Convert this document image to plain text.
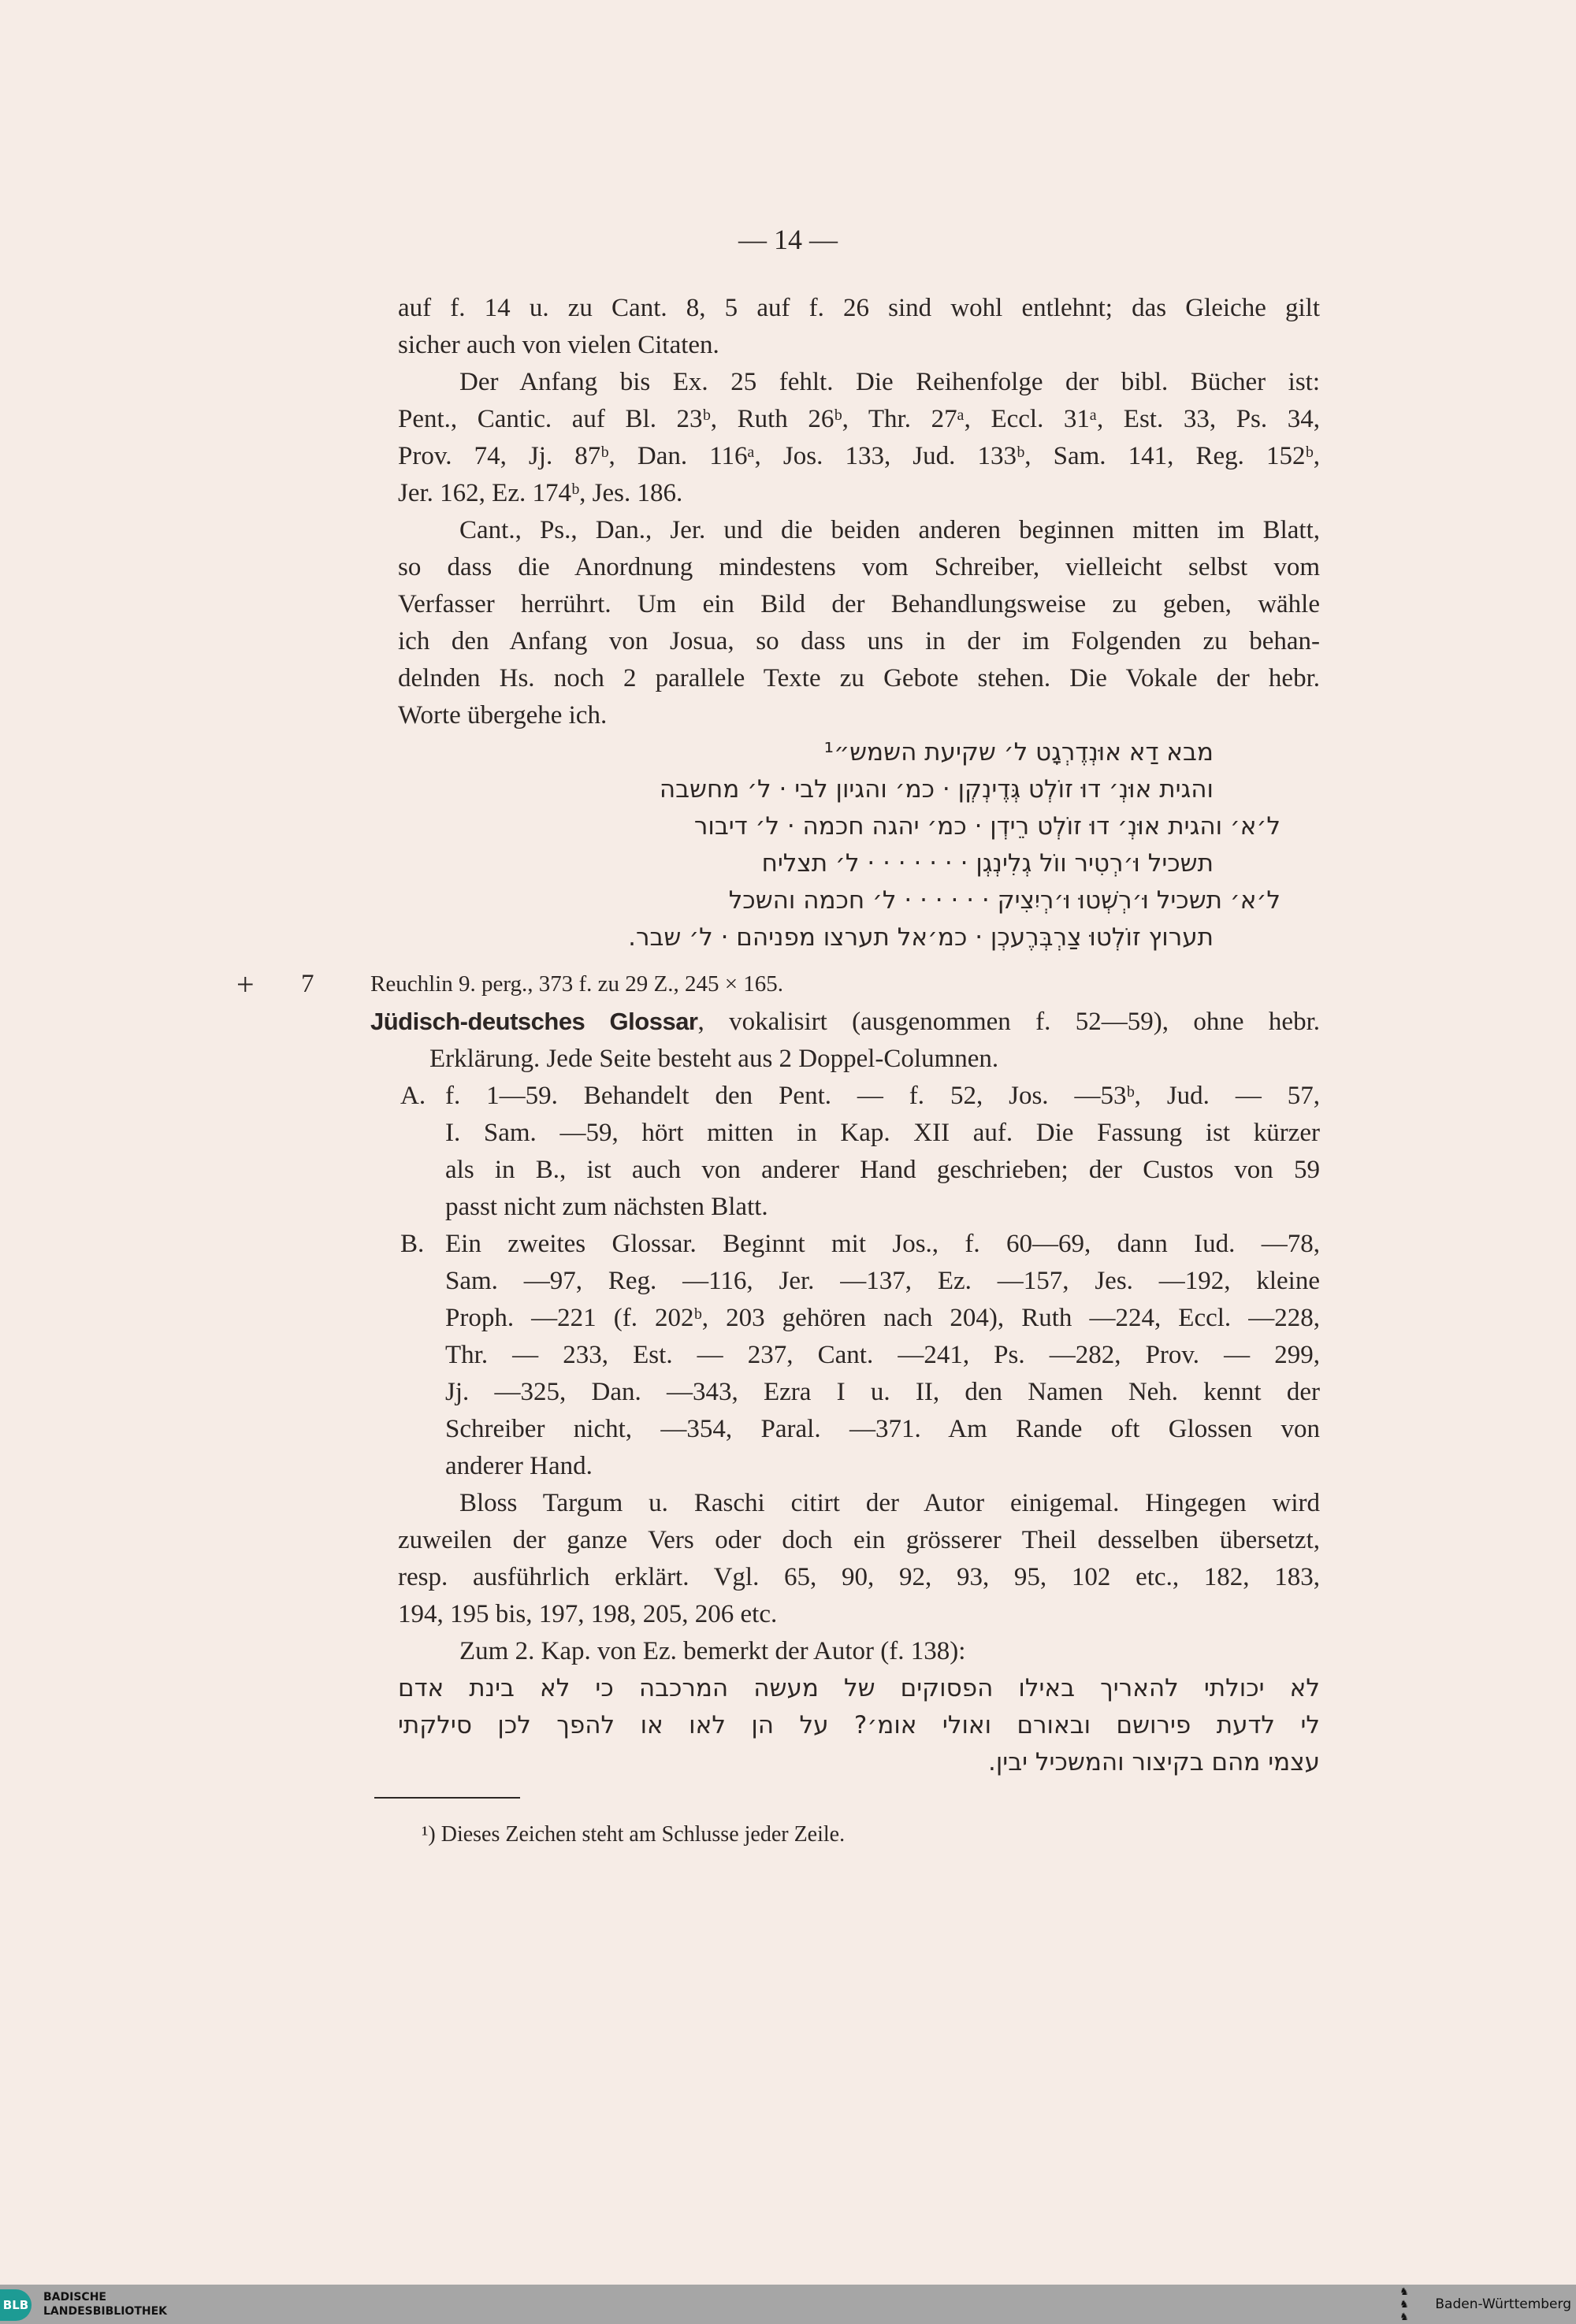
— 14 —
auf f. 14 u. zu Cant. 8, 5 auf f. 26 sind wohl entlehnt; das Gleiche gilt
sicher auch von vielen Citaten.
Der Anfang bis Ex. 25 fehlt. Die Reihenfolge der bibl. Bücher ist:
Pent., Cantic. auf Bl. 23ᵇ, Ruth 26ᵇ, Thr. 27ᵃ, Eccl. 31ᵃ, Est. 33, Ps. 34,
Prov. 74, Jj. 87ᵇ, Dan. 116ᵃ, Jos. 133, Jud. 133ᵇ, Sam. 141, Reg. 152ᵇ,
Jer. 162, Ez. 174ᵇ, Jes. 186.
Cant., Ps., Dan., Jer. und die beiden anderen beginnen mitten im Blatt,
so dass die Anordnung mindestens vom Schreiber, vielleicht selbst vom
Verfasser herrührt. Um ein Bild der Behandlungsweise zu geben, wähle
ich den Anfang von Josua, so dass uns in der im Folgenden zu behan-
delnden Hs. noch 2 parallele Texte zu Gebote stehen. Die Vokale der hebr.
Worte übergehe ich.
מבא דַא אוּנְדֶרְגָט ל׳ שקיעת השמש״¹
והגית אוּנְ׳ דוּ זוֹלְט גְּדֶינְקְן · כמ׳ והגיון לבי · ל׳ מחשבה
ל׳א׳ והגית אוּנְ׳ דוּ זוֹלְט רֵידְן · כמ׳ יהגה חכמה · ל׳ דיבור
תשכיל וּ׳רְטִיר ווֹל גְלִינְגְן · · · · · · · ל׳ תצליח
ל׳א׳ תשכיל וּ׳רְשְׁטוּ וּ׳רְיִצִיק · · · · · · ל׳ חכמה והשכל
תערוץ זוֹלְטוּ צַרְבְּרֶעכְן · כמ׳אל תערצו מפניהם · ל׳ שבר.
+ 7 Reuchlin 9. perg., 373 f. zu 29 Z., 245 × 165.
Jüdisch-deutsches Glossar, vokalisirt (ausgenommen f. 52—59), ohne hebr.
Erklärung. Jede Seite besteht aus 2 Doppel-Columnen.
A. f. 1—59. Behandelt den Pent. — f. 52, Jos. —53ᵇ, Jud. — 57,
I. Sam. —59, hört mitten in Kap. XII auf. Die Fassung ist kürzer
als in B., ist auch von anderer Hand geschrieben; der Custos von 59
passt nicht zum nächsten Blatt.
B. Ein zweites Glossar. Beginnt mit Jos., f. 60—69, dann Iud. —78,
Sam. —97, Reg. —116, Jer. —137, Ez. —157, Jes. —192, kleine
Proph. —221 (f. 202ᵇ, 203 gehören nach 204), Ruth —224, Eccl. —228,
Thr. — 233, Est. — 237, Cant. —241, Ps. —282, Prov. — 299,
Jj. —325, Dan. —343, Ezra I u. II, den Namen Neh. kennt der
Schreiber nicht, —354, Paral. —371. Am Rande oft Glossen von
anderer Hand.
Bloss Targum u. Raschi citirt der Autor einigemal. Hingegen wird
zuweilen der ganze Vers oder doch ein grösserer Theil desselben übersetzt,
resp. ausführlich erklärt. Vgl. 65, 90, 92, 93, 95, 102 etc., 182, 183,
194, 195 bis, 197, 198, 205, 206 etc.
Zum 2. Kap. von Ez. bemerkt der Autor (f. 138):
לא יכולתי להאריך באילו הפסוקים של מעשה המרכבה כי לא בינת אדם
לי לדעת פירושם ובאורם ואולי אומ׳? על הן לאו או להפך לכן סילקתי
עצמי מהם בקיצור והמשכיל יבין.
¹) Dieses Zeichen steht am Schlusse jeder Zeile.
BLB
BADISCHE
LANDESBIBLIOTHEK
♞
♞
♞
Baden-Württemberg
